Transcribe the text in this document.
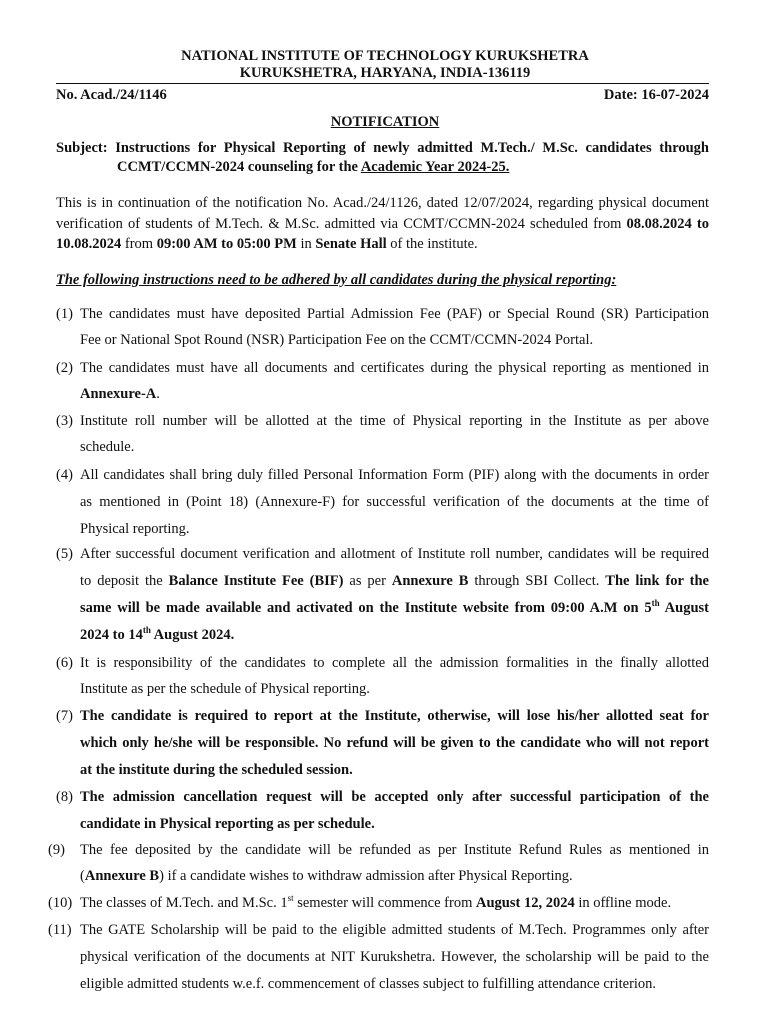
NATIONAL INSTITUTE OF TECHNOLOGY KURUKSHETRA
KURUKSHETRA, HARYANA, INDIA-136119
No. Acad./24/1146	Date: 16-07-2024
NOTIFICATION
Subject: Instructions for Physical Reporting of newly admitted M.Tech./ M.Sc. candidates through
CCMT/CCMN-2024 counseling for the Academic Year 2024-25.
This is in continuation of the notification No. Acad./24/1126, dated 12/07/2024, regarding physical document
verification of students of M.Tech. & M.Sc. admitted via CCMT/CCMN-2024 scheduled from 08.08.2024 to
10.08.2024 from 09:00 AM to 05:00 PM in Senate Hall of the institute.
The following instructions need to be adhered by all candidates during the physical reporting:
(1) The candidates must have deposited Partial Admission Fee (PAF) or Special Round (SR) Participation
Fee or National Spot Round (NSR) Participation Fee on the CCMT/CCMN-2024 Portal.
(2) The candidates must have all documents and certificates during the physical reporting as mentioned in
Annexure-A.
(3) Institute roll number will be allotted at the time of Physical reporting in the Institute as per above
schedule.
(4) All candidates shall bring duly filled Personal Information Form (PIF) along with the documents in order
as mentioned in (Point 18) (Annexure-F) for successful verification of the documents at the time of
Physical reporting.
(5) After successful document verification and allotment of Institute roll number, candidates will be required
to deposit the Balance Institute Fee (BIF) as per Annexure B through SBI Collect. The link for the
same will be made available and activated on the Institute website from 09:00 A.M on 5th August
2024 to 14th August 2024.
(6) It is responsibility of the candidates to complete all the admission formalities in the finally allotted
Institute as per the schedule of Physical reporting.
(7) The candidate is required to report at the Institute, otherwise, will lose his/her allotted seat for
which only he/she will be responsible. No refund will be given to the candidate who will not report
at the institute during the scheduled session.
(8) The admission cancellation request will be accepted only after successful participation of the
candidate in Physical reporting as per schedule.
(9) The fee deposited by the candidate will be refunded as per Institute Refund Rules as mentioned in
(Annexure B) if a candidate wishes to withdraw admission after Physical Reporting.
(10) The classes of M.Tech. and M.Sc. 1st semester will commence from August 12, 2024 in offline mode.
(11) The GATE Scholarship will be paid to the eligible admitted students of M.Tech. Programmes only after
physical verification of the documents at NIT Kurukshetra. However, the scholarship will be paid to the
eligible admitted students w.e.f. commencement of classes subject to fulfilling attendance criterion.
